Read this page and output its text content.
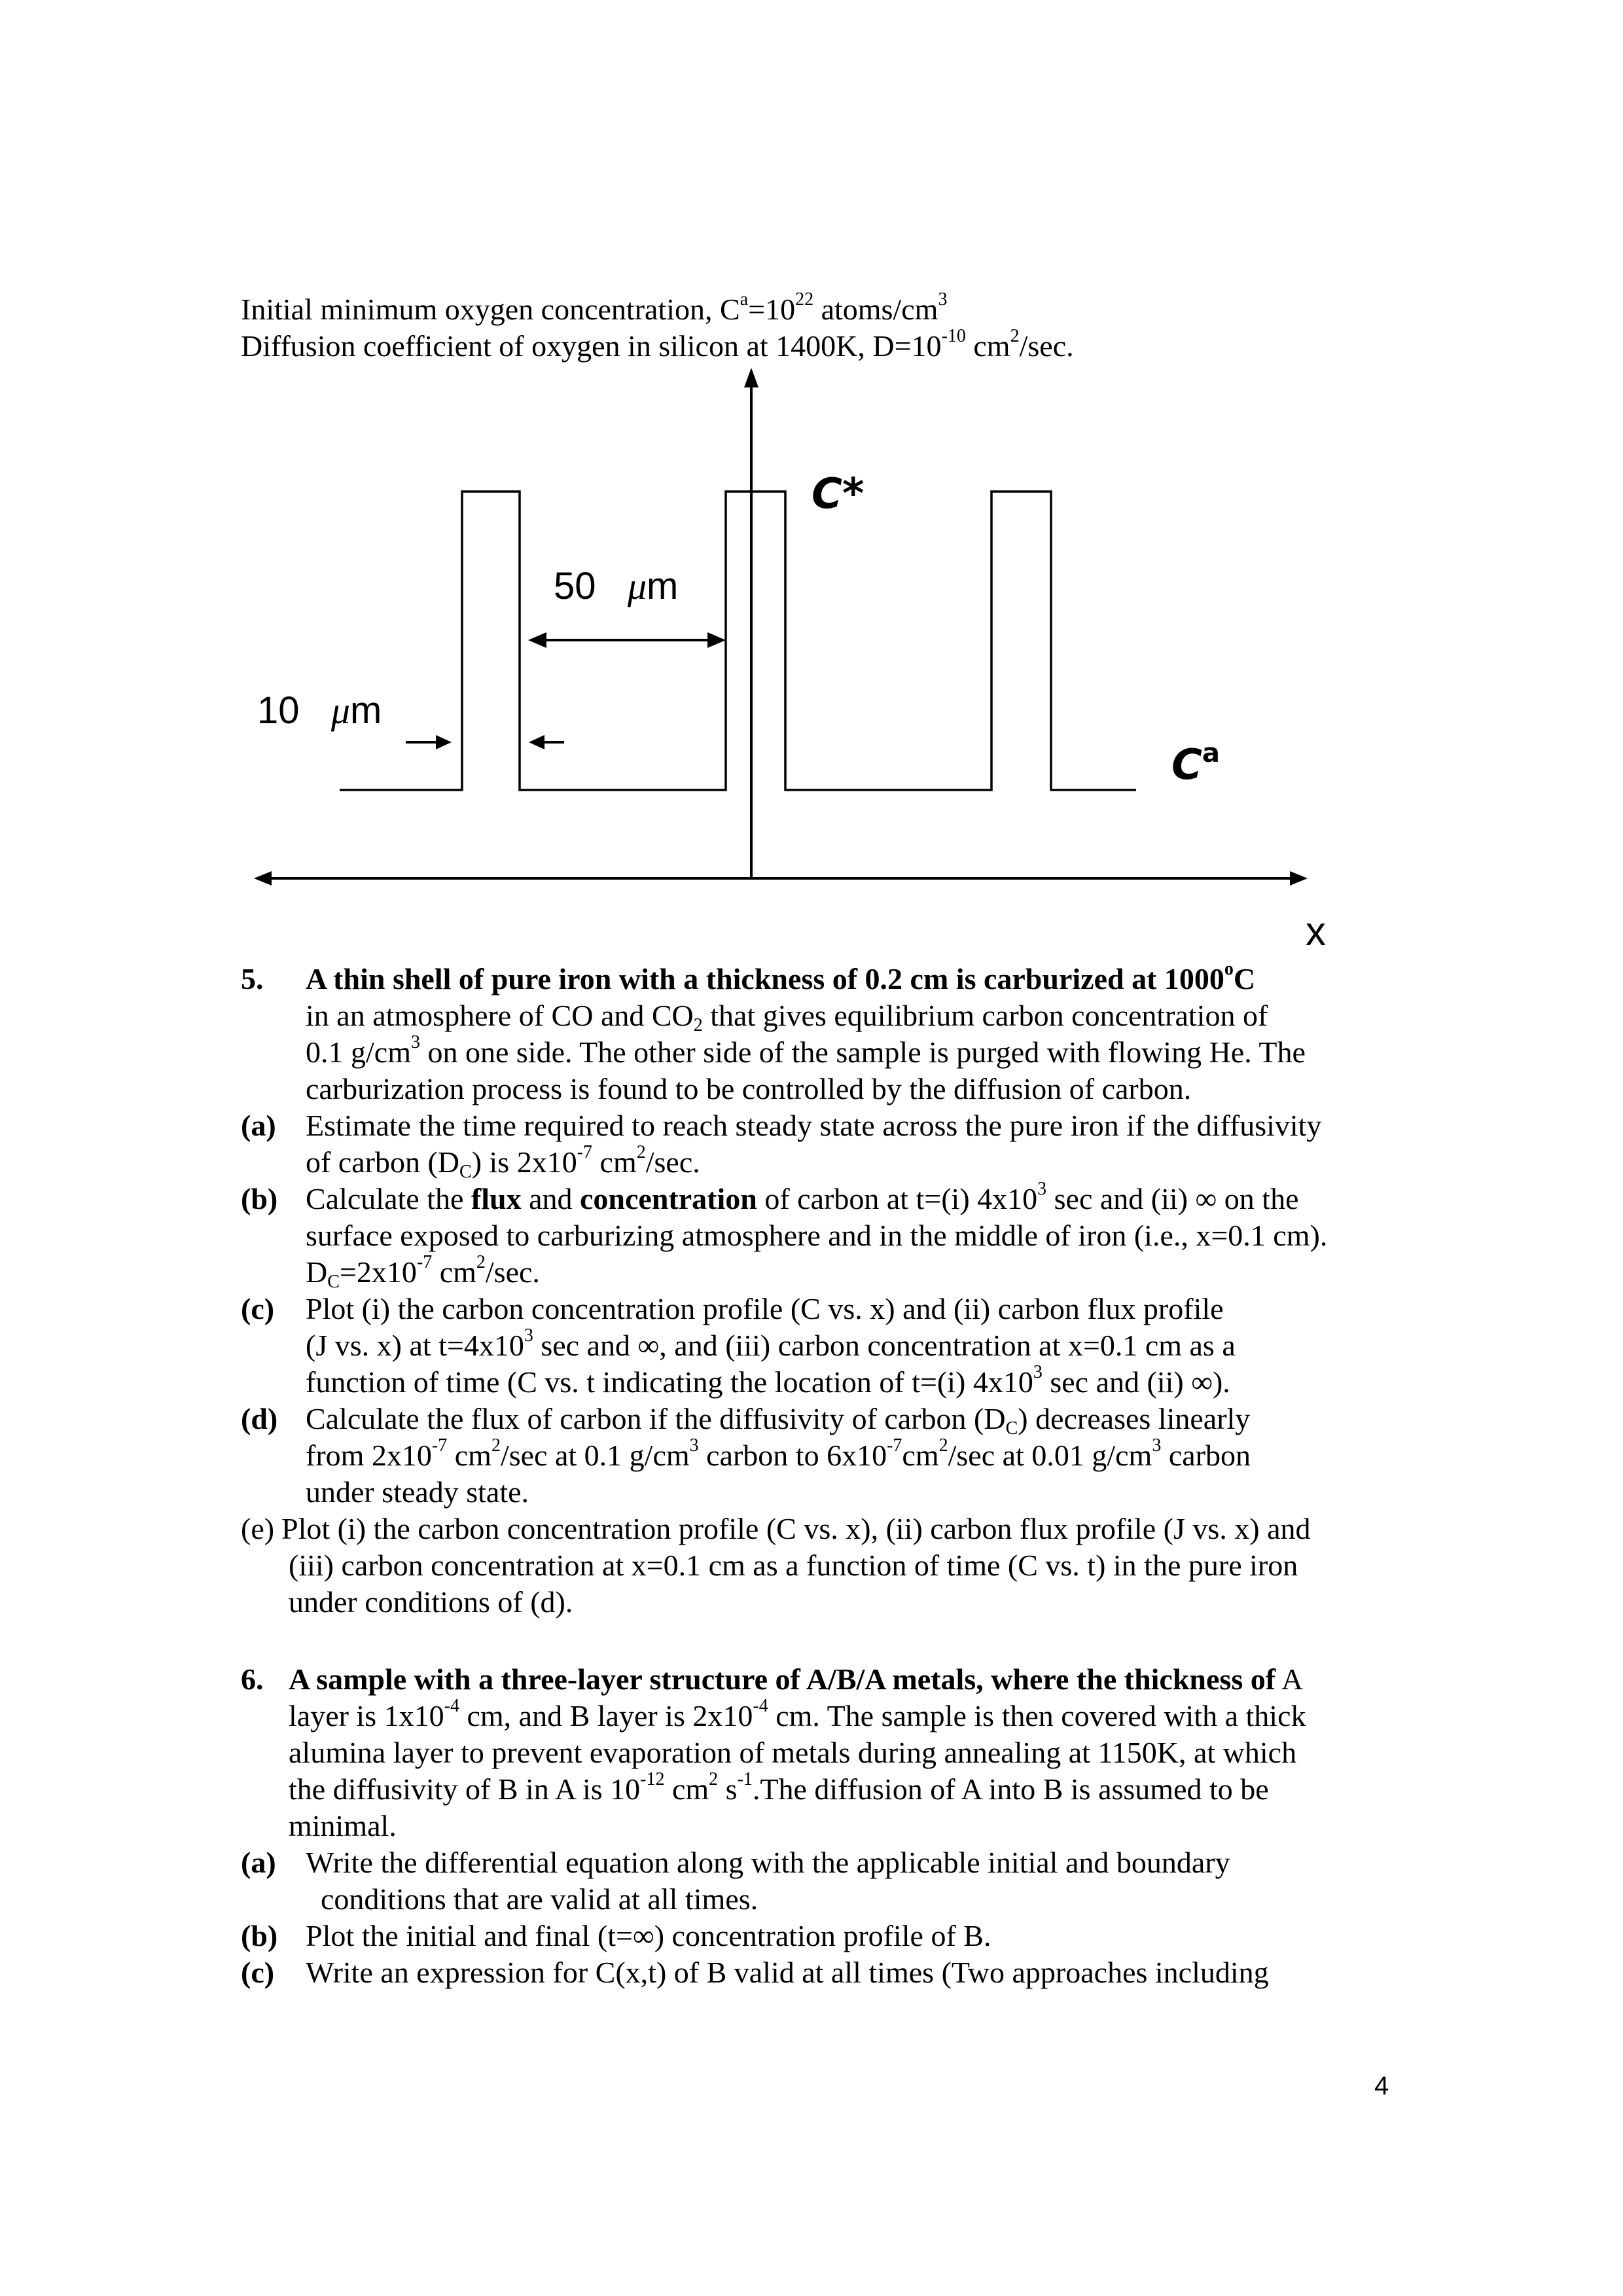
Initial minimum oxygen concentration, $C^a=10^{22}$ atoms/$cm^3$
Diffusion coefficient of oxygen in silicon at 1400K, $D=10^{-10}$ $cm^2/\sec$.
C*
$C^a$
50 μm
10 μm
x
5. A thin shell of pure iron with a thickness of 0.2 cm is carburized at 1000$^o$C
in an atmosphere of CO and $CO_2$ that gives equilibrium carbon concentration of
0.1 $g/cm^3$ on one side. The other side of the sample is purged with flowing He. The
carburization process is found to be controlled by the diffusion of carbon.
(a) Estimate the time required to reach steady state across the pure iron if the diffusivity
of carbon $(D_C)$ is $2x10^{-7}$ $cm^2/\sec$.
(b) Calculate the flux and concentration of carbon at t=(i) $4x10^3$ sec and (ii) ∞ on the
surface exposed to carburizing atmosphere and in the middle of iron (i.e., x=0.1 cm).
$D_C=2x10^{-7}$ $cm^2/\sec$.
(c) Plot (i) the carbon concentration profile (C vs. x) and (ii) carbon flux profile
(J vs. x) at $t=4x10^3$ sec and ∞, and (iii) carbon concentration at x=0.1 cm as a
function of time (C vs. t indicating the location of t=(i) $4x10^3$ sec and (ii) ∞).
(d) Calculate the flux of carbon if the diffusivity of carbon $(D_C)$ decreases linearly
from $2x10^{-7}$ $cm^2/\sec$ at 0.1 $g/cm^3$ carbon to $6x10^{-7}cm^2/\sec$ at 0.01 $g/cm^3$ carbon
under steady state.
(e) Plot (i) the carbon concentration profile (C vs. x), (ii) carbon flux profile (J vs. x) and
(iii) carbon concentration at x=0.1 cm as a function of time (C vs. t) in the pure iron
under conditions of (d).
6. A sample with a three-layer structure of A/B/A metals, where the thickness of A
layer is $1x10^{-4}$ cm, and B layer is $2x10^{-4}$ cm. The sample is then covered with a thick
alumina layer to prevent evaporation of metals during annealing at 1150K, at which
the diffusivity of B in A is $10^{-12}$ $cm^2$ $s^{-1}.The$ diffusion of A into B is assumed to be
minimal.
(a) Write the differential equation along with the applicable initial and boundary
conditions that are valid at all times.
(b) Plot the initial and final (t=∞) concentration profile of B.
(c) Write an expression for C(x,t) of B valid at all times (Two approaches including
4
